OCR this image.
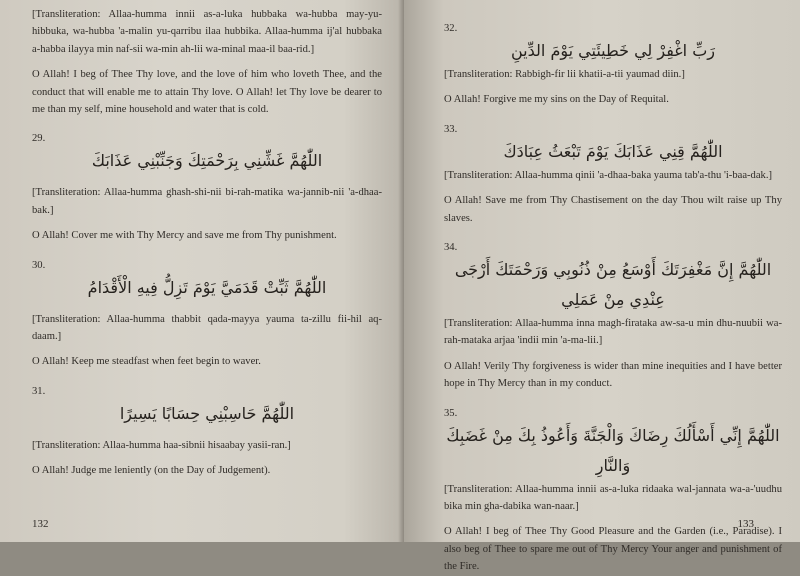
[Transliteration: Allaa-humma innii as-a-luka hubbaka wa-hubba may-yu-hibbuka, wa-hubba 'a-malin yu-qarribu ilaa hubbika. Allaa-humma ij'al hubbaka a-habba ilayya min naf-sii wa-min ah-lii wa-minal maa-il baa-rid.]

O Allah! I beg of Thee Thy love, and the love of him who loveth Thee, and the conduct that will enable me to attain Thy love. O Allah! let Thy love be dearer to me than my self, mine household and water that is cold.

29.

اللّٰهُمَّ غَشِّنِي بِرَحْمَتِكَ وَجَنِّبْنِي عَذَابَكَ

[Transliteration: Allaa-humma ghash-shi-nii bi-rah-matika wa-jannib-nii 'a-dhaa-bak.]

O Allah! Cover me with Thy Mercy and save me from Thy punishment.

30.

اللّٰهُمَّ ثَبِّتْ قَدَمَيَّ يَوْمَ تَزِلُّ فِيهِ الْأَقْدَامُ

[Transliteration: Allaa-humma thabbit qada-mayya yauma ta-zillu fii-hil aq-daam.]

O Allah! Keep me steadfast when feet begin to waver.

31.

اللّٰهُمَّ حَاسِبْنِي حِسَابًا يَسِيرًا

[Transliteration: Allaa-humma haa-sibnii hisaabay yasii-ran.]

O Allah! Judge me leniently (on the Day of Judgement).

132

32.

رَبِّ اغْفِرْ لِي خَطِيئَتِي يَوْمَ الدِّينِ

[Transliteration: Rabbigh-fir lii khatii-a-tii yaumad diin.]

O Allah! Forgive me my sins on the Day of Requital.

33.

اللّٰهُمَّ قِنِي عَذَابَكَ يَوْمَ تَبْعَثُ عِبَادَكَ

[Transliteration: Allaa-humma qinii 'a-dhaa-baka yauma tab'a-thu 'i-baa-dak.]

O Allah! Save me from Thy Chastisement on the day Thou wilt raise up Thy slaves.

34.

اللّٰهُمَّ إِنَّ مَغْفِرَتَكَ أَوْسَعُ مِنْ ذُنُوبِي وَرَحْمَتَكَ أَرْجَى عِنْدِي مِنْ عَمَلِي

[Transliteration: Allaa-humma inna magh-firataka aw-sa-u min dhu-nuubii wa-rah-mataka arjaa 'indii min 'a-ma-lii.]

O Allah! Verily Thy forgiveness is wider than mine inequities and I have better hope in Thy Mercy than in my conduct.

35.

اللّٰهُمَّ إِنِّي أَسْأَلُكَ رِضَاكَ وَالْجَنَّةَ وَأَعُوذُ بِكَ مِنْ غَضَبِكَ وَالنَّارِ

[Transliteration: Allaa-humma innii as-a-luka ridaaka wal-jannata wa-a-'uudhu bika min gha-dabika wan-naar.]

O Allah! I beg of Thee Thy Good Pleasure and the Garden (i.e., Paradise). I also beg of Thee to spare me out of Thy Mercy Your anger and punishment of the Fire.

133
